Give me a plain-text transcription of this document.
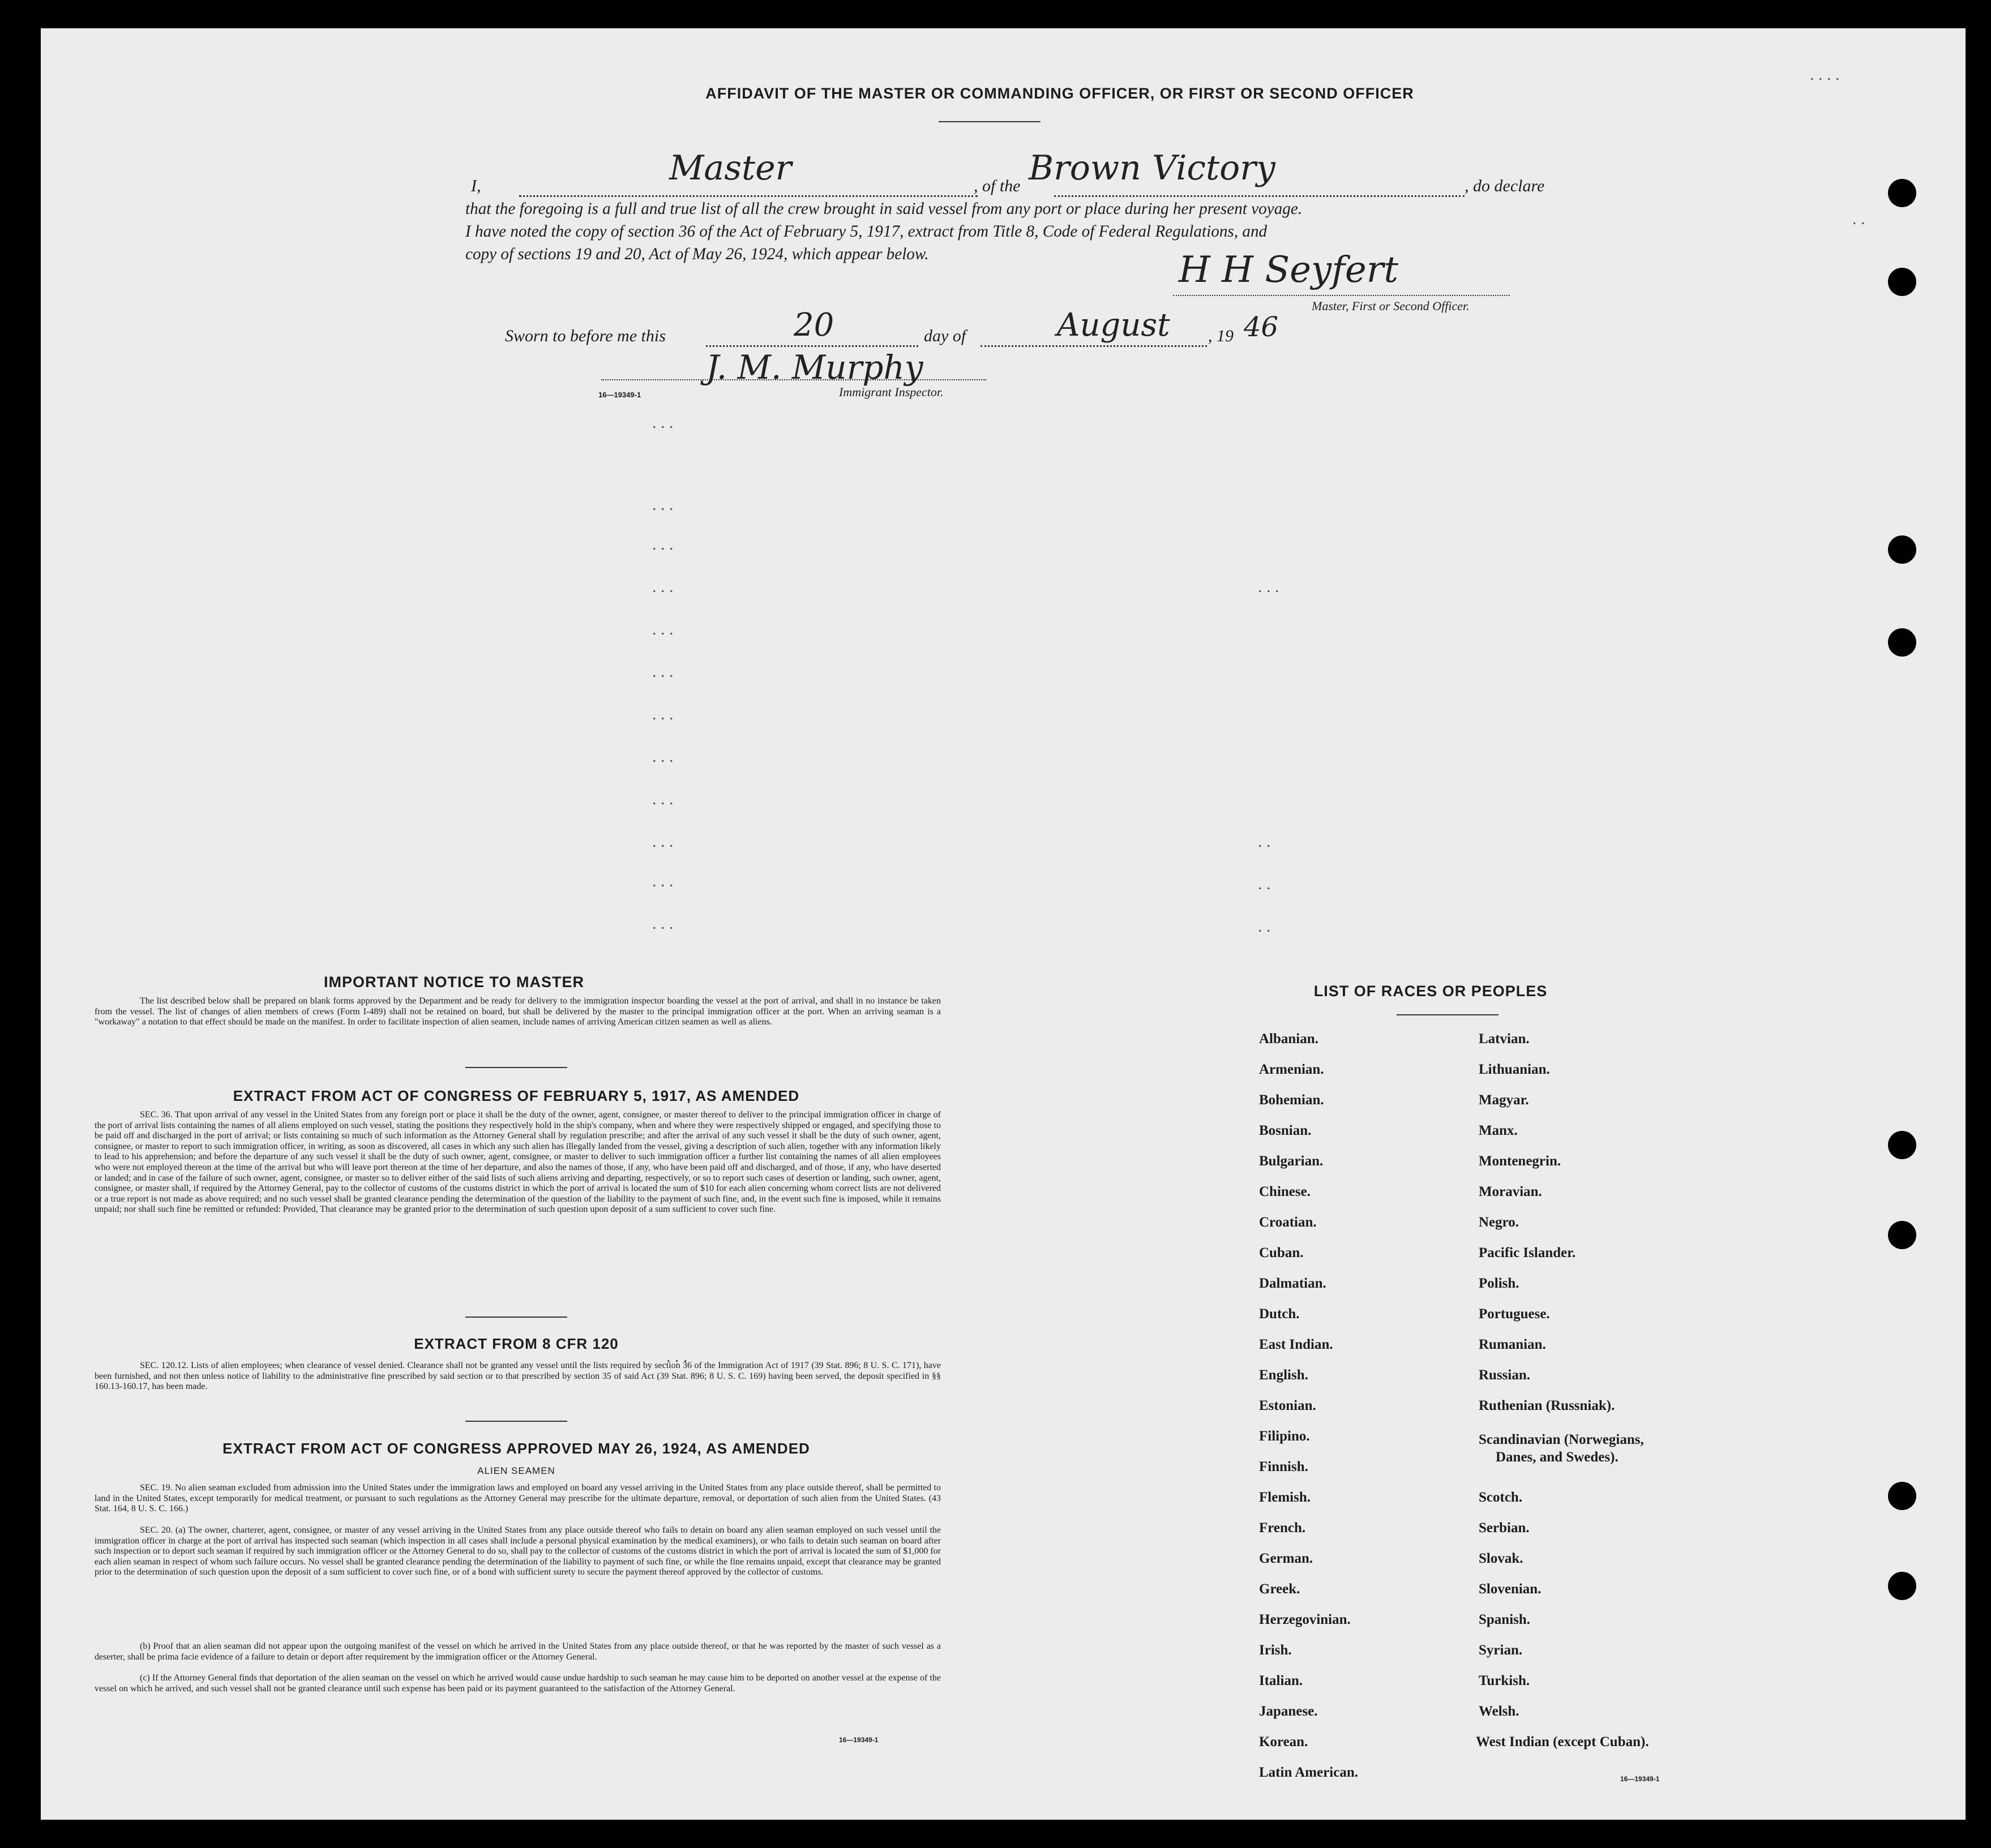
AFFIDAVIT OF THE MASTER OR COMMANDING OFFICER, OR FIRST OR SECOND OFFICER
I,	Master	, of the Brown Victory	, do declare
that the foregoing is a full and true list of all the crew brought in said vessel from any port or place during her present voyage.
I have noted the copy of section 36 of the Act of February 5, 1917, extract from Title 8, Code of Federal Regulations, and
copy of sections 19 and 20, Act of May 26, 1924, which appear below.	H H Seyfert
Master, First or Second Officer.
Sworn to before me this	20	day of	August , 19 46
J. M. Murphy
16—19349-1	Immigrant Inspector.
IMPORTANT NOTICE TO MASTER
The list described below shall be prepared on blank forms approved by the Department and be ready for delivery to the immigration inspector boarding the vessel at the port of arrival, and shall in no instance be taken from the vessel. The list of changes of alien members of crews (Form I-489) shall not be retained on board, but shall be delivered by the master to the principal immigration officer at the port. When an arriving seaman is a "workaway" a notation to that effect should be made on the manifest. In order to facilitate inspection of alien seamen, include names of arriving American citizen seamen as well as aliens.
EXTRACT FROM ACT OF CONGRESS OF FEBRUARY 5, 1917, AS AMENDED
SEC. 36. That upon arrival of any vessel in the United States from any foreign port or place it shall be the duty of the owner, agent, consignee, or master thereof to deliver to the principal immigration officer in charge of the port of arrival lists containing the names of all aliens employed on such vessel, stating the positions they respectively hold in the ship's company, when and where they were respectively shipped or engaged, and specifying those to be paid off and discharged in the port of arrival; or lists containing so much of such information as the Attorney General shall by regulation prescribe; and after the arrival of any such vessel it shall be the duty of such owner, agent, consignee, or master to report to such immigration officer, in writing, as soon as discovered, all cases in which any such alien has illegally landed from the vessel, giving a description of such alien, together with any information likely to lead to his apprehension; and before the departure of any such vessel it shall be the duty of such owner, agent, consignee, or master to deliver to such immigration officer a further list containing the names of all alien employees who were not employed thereon at the time of the arrival but who will leave port thereon at the time of her departure, and also the names of those, if any, who have been paid off and discharged, and of those, if any, who have deserted or landed; and in case of the failure of such owner, agent, consignee, or master so to deliver either of the said lists of such aliens arriving and departing, respectively, or so to report such cases of desertion or landing, such owner, agent, consignee, or master shall, if required by the Attorney General, pay to the collector of customs of the customs district in which the port of arrival is located the sum of $10 for each alien concerning whom correct lists are not delivered or a true report is not made as above required; and no such vessel shall be granted clearance pending the determination of the question of the liability to the payment of such fine, and, in the event such fine is imposed, while it remains unpaid; nor shall such fine be remitted or refunded: Provided, That clearance may be granted prior to the determination of such question upon deposit of a sum sufficient to cover such fine.
EXTRACT FROM 8 CFR 120
SEC. 120.12. Lists of alien employees; when clearance of vessel denied. Clearance shall not be granted any vessel until the lists required by section 36 of the Immigration Act of 1917 (39 Stat. 896; 8 U. S. C. 171), have been furnished, and not then unless notice of liability to the administrative fine prescribed by said section or to that prescribed by section 35 of said Act (39 Stat. 896; 8 U. S. C. 169) having been served, the deposit specified in §§ 160.13-160.17, has been made.
EXTRACT FROM ACT OF CONGRESS APPROVED MAY 26, 1924, AS AMENDED
ALIEN SEAMEN
SEC. 19. No alien seaman excluded from admission into the United States under the immigration laws and employed on board any vessel arriving in the United States from any place outside thereof, shall be permitted to land in the United States, except temporarily for medical treatment, or pursuant to such regulations as the Attorney General may prescribe for the ultimate departure, removal, or deportation of such alien from the United States. (43 Stat. 164, 8 U. S. C. 166.)
SEC. 20. (a) The owner, charterer, agent, consignee, or master of any vessel arriving in the United States from any place outside thereof who fails to detain on board any alien seaman employed on such vessel until the immigration officer in charge at the port of arrival has inspected such seaman (which inspection in all cases shall include a personal physical examination by the medical examiners), or who fails to detain such seaman on board after such inspection or to deport such seaman if required by such immigration officer or the Attorney General to do so, shall pay to the collector of customs of the customs district in which the port of arrival is located the sum of $1,000 for each alien seaman in respect of whom such failure occurs. No vessel shall be granted clearance pending the determination of the liability to payment of such fine, or while the fine remains unpaid, except that clearance may be granted prior to the determination of such question upon the deposit of a sum sufficient to cover such fine, or of a bond with sufficient surety to secure the payment thereof approved by the collector of customs.
(b) Proof that an alien seaman did not appear upon the outgoing manifest of the vessel on which he arrived in the United States from any place outside thereof, or that he was reported by the master of such vessel as a deserter, shall be prima facie evidence of a failure to detain or deport after requirement by the immigration officer or the Attorney General.
(c) If the Attorney General finds that deportation of the alien seaman on the vessel on which he arrived would cause undue hardship to such seaman he may cause him to be deported on another vessel at the expense of the vessel on which he arrived, and such vessel shall not be granted clearance until such expense has been paid or its payment guaranteed to the satisfaction of the Attorney General.
16—19349-1
LIST OF RACES OR PEOPLES
Albanian.
Armenian.
Bohemian.
Bosnian.
Bulgarian.
Chinese.
Croatian.
Cuban.
Dalmatian.
Dutch.
East Indian.
English.
Estonian.
Filipino.
Finnish.
Flemish.
French.
German.
Greek.
Herzegovinian.
Irish.
Italian.
Japanese.
Korean.
Latin American.
Latvian.
Lithuanian.
Magyar.
Manx.
Montenegrin.
Moravian.
Negro.
Pacific Islander.
Polish.
Portuguese.
Rumanian.
Russian.
Ruthenian (Russniak).
Scandinavian (Norwegians,
Danes, and Swedes).
Scotch.
Serbian.
Slovak.
Slovenian.
Spanish.
Syrian.
Turkish.
Welsh.
West Indian (except Cuban).
16—19349-1
. . .
. . .
. . .
. . .
. . .
. . .
. . .
. . .
. . .
. . .
. . .
. . .
. . .
. .
. .
. .
. . .
. .
. . . .
